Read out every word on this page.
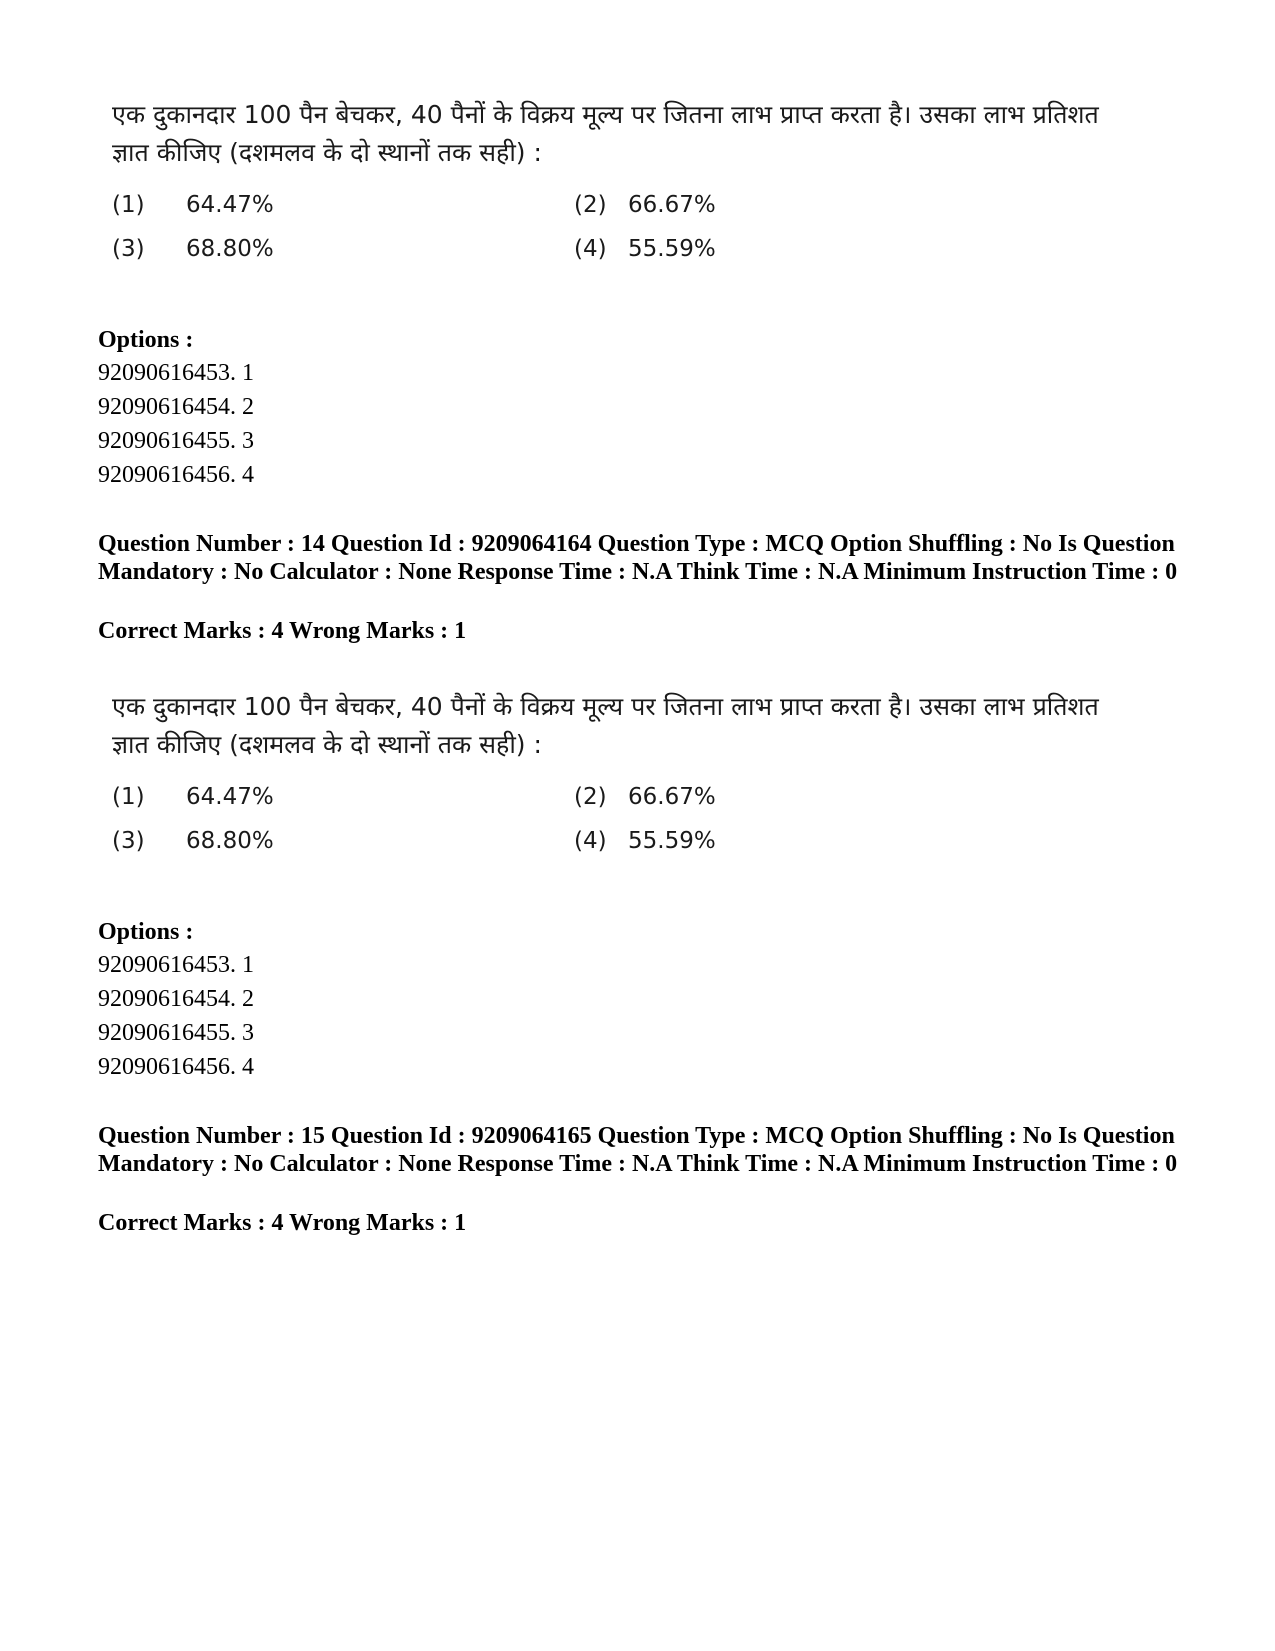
एक दुकानदार 100 पैन बेचकर, 40 पैनों के विक्रय मूल्य पर जितना लाभ प्राप्त करता है। उसका लाभ प्रतिशत ज्ञात कीजिए (दशमलव के दो स्थानों तक सही) :

(1) 64.47%	(2) 66.67%
(3) 68.80%	(4) 55.59%
Options :
92090616453. 1
92090616454. 2
92090616455. 3
92090616456. 4
Question Number : 14 Question Id : 9209064164 Question Type : MCQ Option Shuffling : No Is Question Mandatory : No Calculator : None Response Time : N.A Think Time : N.A Minimum Instruction Time : 0
Correct Marks : 4 Wrong Marks : 1

एक दुकानदार 100 पैन बेचकर, 40 पैनों के विक्रय मूल्य पर जितना लाभ प्राप्त करता है। उसका लाभ प्रतिशत ज्ञात कीजिए (दशमलव के दो स्थानों तक सही) :

(1) 64.47%	(2) 66.67%
(3) 68.80%	(4) 55.59%
Options :
92090616453. 1
92090616454. 2
92090616455. 3
92090616456. 4
Question Number : 15 Question Id : 9209064165 Question Type : MCQ Option Shuffling : No Is Question Mandatory : No Calculator : None Response Time : N.A Think Time : N.A Minimum Instruction Time : 0
Correct Marks : 4 Wrong Marks : 1
